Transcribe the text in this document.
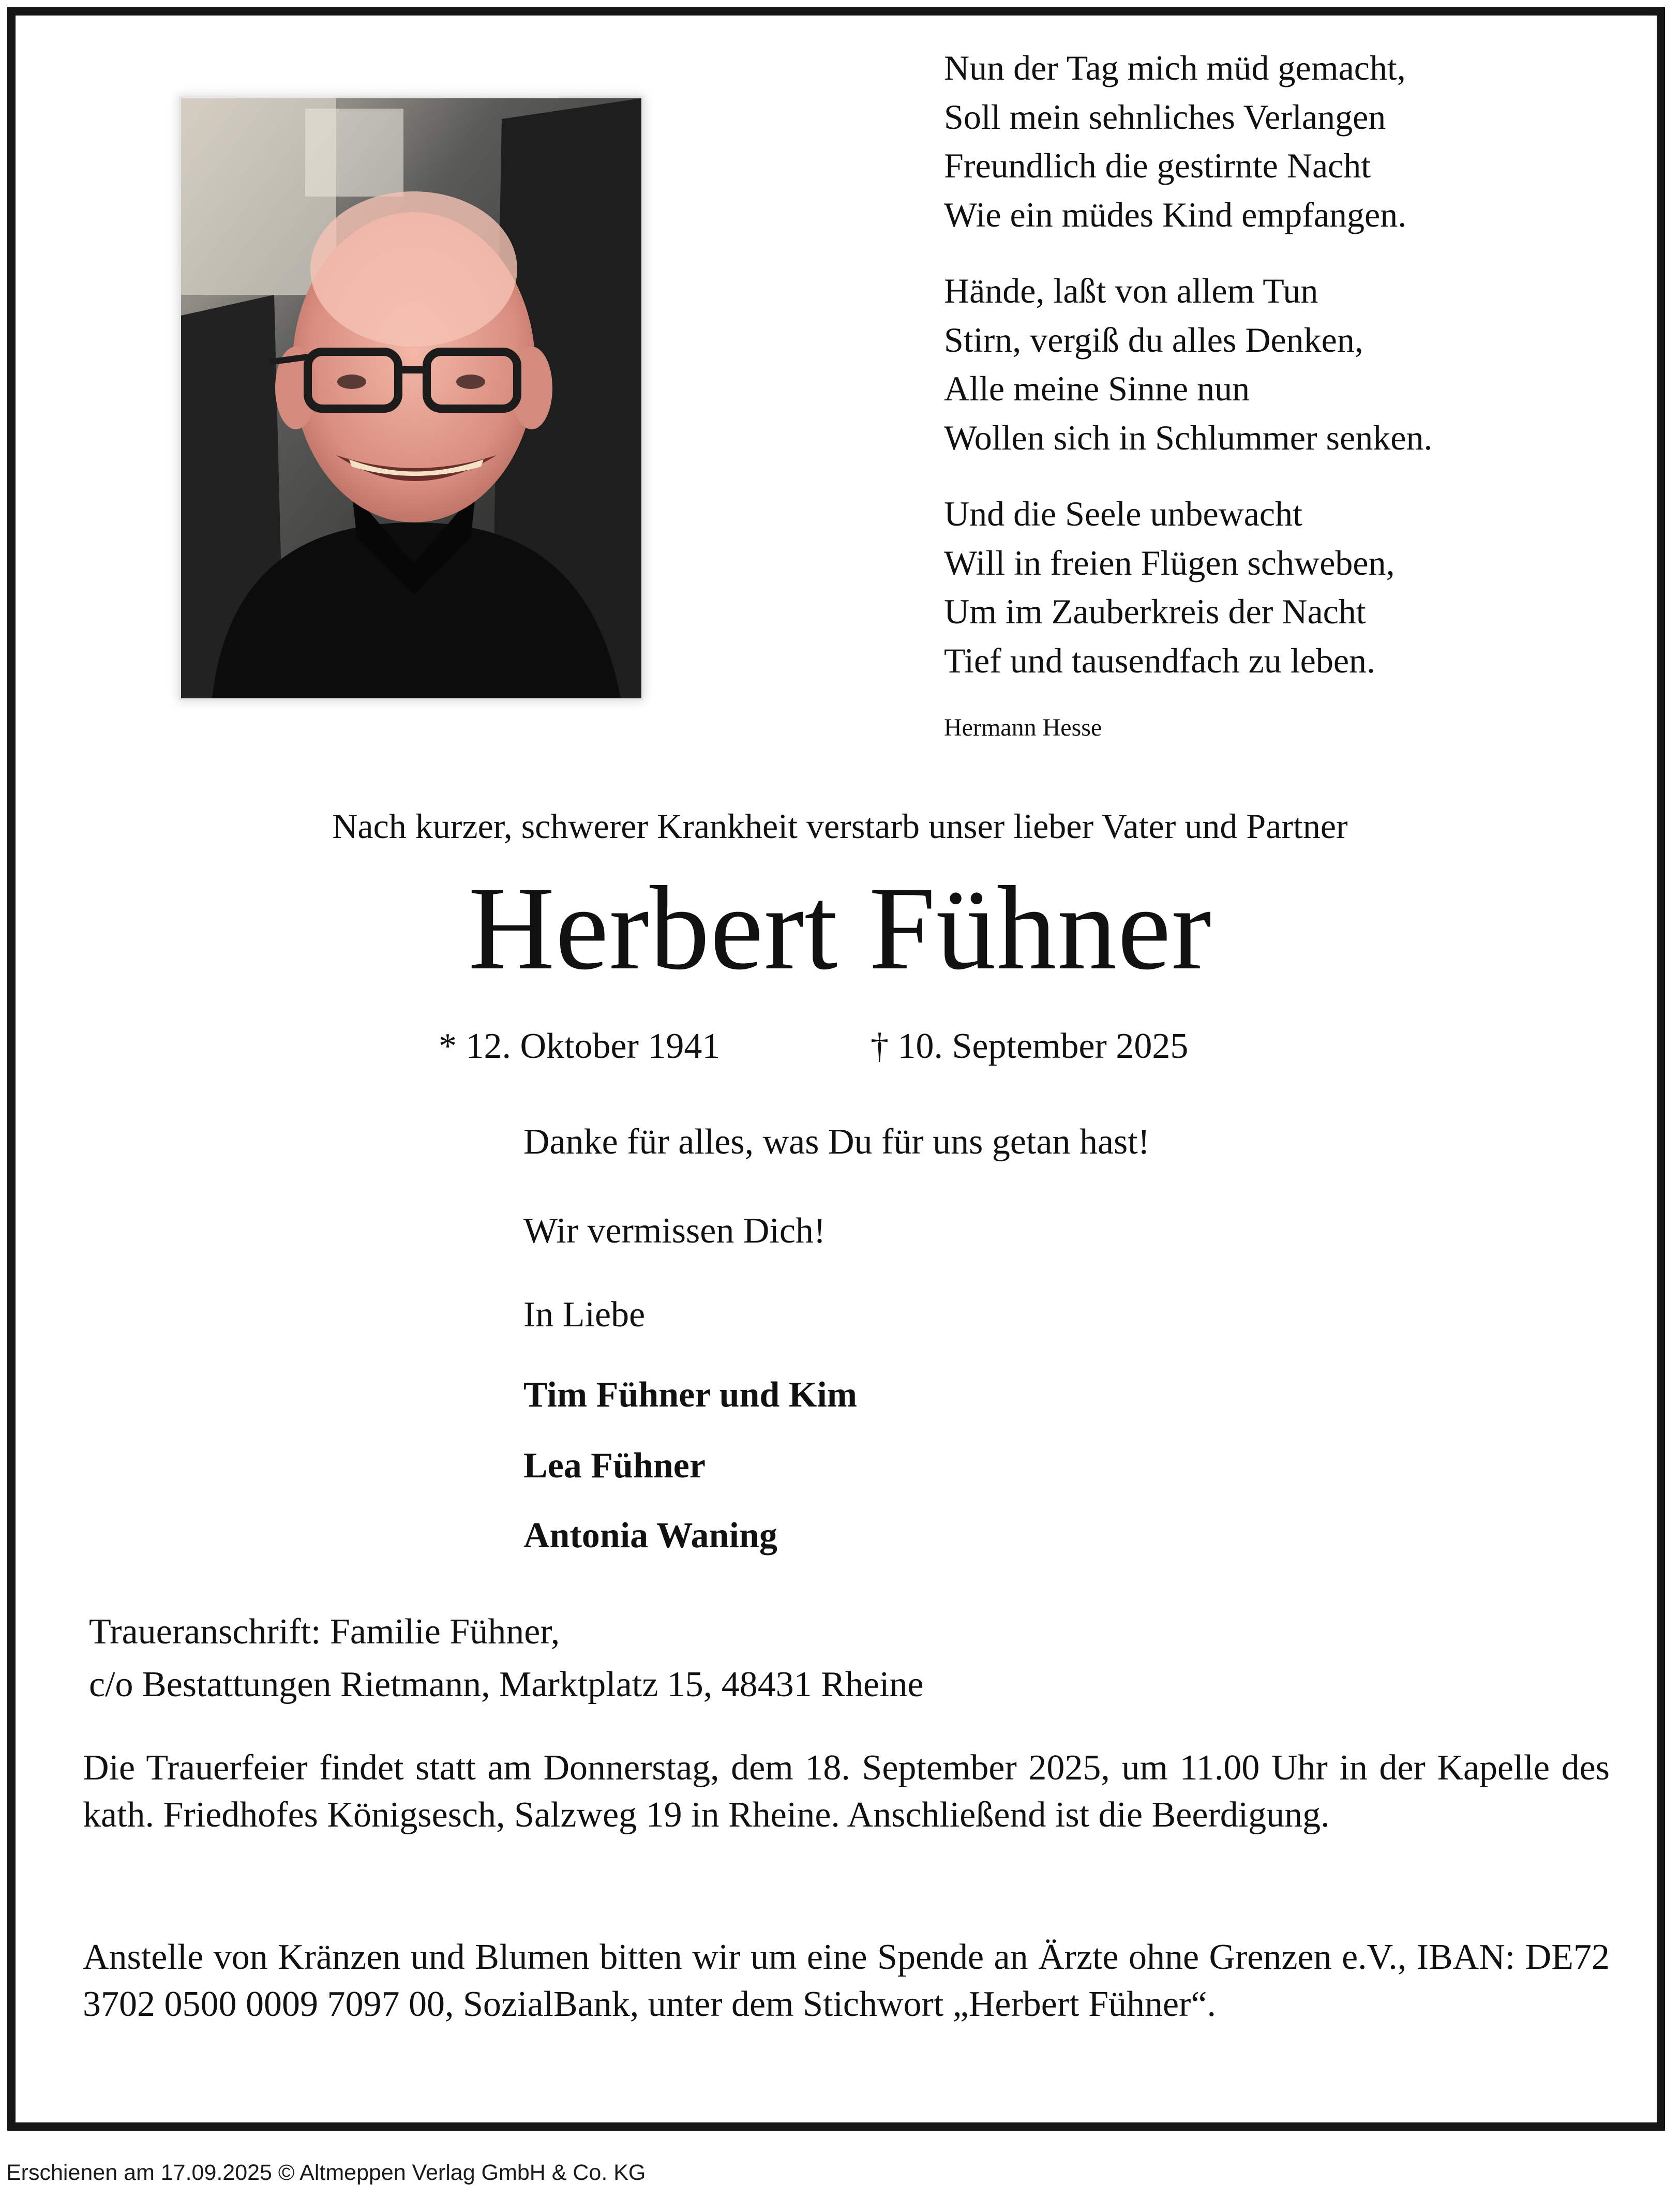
Nun der Tag mich müd gemacht,
Soll mein sehnliches Verlangen
Freundlich die gestirnte Nacht
Wie ein müdes Kind empfangen.
Hände, laßt von allem Tun
Stirn, vergiß du alles Denken,
Alle meine Sinne nun
Wollen sich in Schlummer senken.
Und die Seele unbewacht
Will in freien Flügen schweben,
Um im Zauberkreis der Nacht
Tief und tausendfach zu leben.
Hermann Hesse

Nach kurzer, schwerer Krankheit verstarb unser lieber Vater und Partner

Herbert Fühner
* 12. Oktober 1941	† 10. September 2025
Danke für alles, was Du für uns getan hast!
Wir vermissen Dich!
In Liebe
Tim Fühner und Kim
Lea Fühner
Antonia Waning
Traueranschrift: Familie Fühner,
c/o Bestattungen Rietmann, Marktplatz 15, 48431 Rheine

Die Trauerfeier findet statt am Donnerstag, dem 18. September 2025, um 11.00 Uhr in der Kapelle des kath. Friedhofes Königsesch, Salzweg 19 in Rheine. Anschließend ist die Beerdigung.

Anstelle von Kränzen und Blumen bitten wir um eine Spende an Ärzte ohne Grenzen e.V., IBAN: DE72 3702 0500 0009 7097 00, SozialBank, unter dem Stichwort „Herbert Fühner“.

Erschienen am 17.09.2025 © Altmeppen Verlag GmbH & Co. KG
